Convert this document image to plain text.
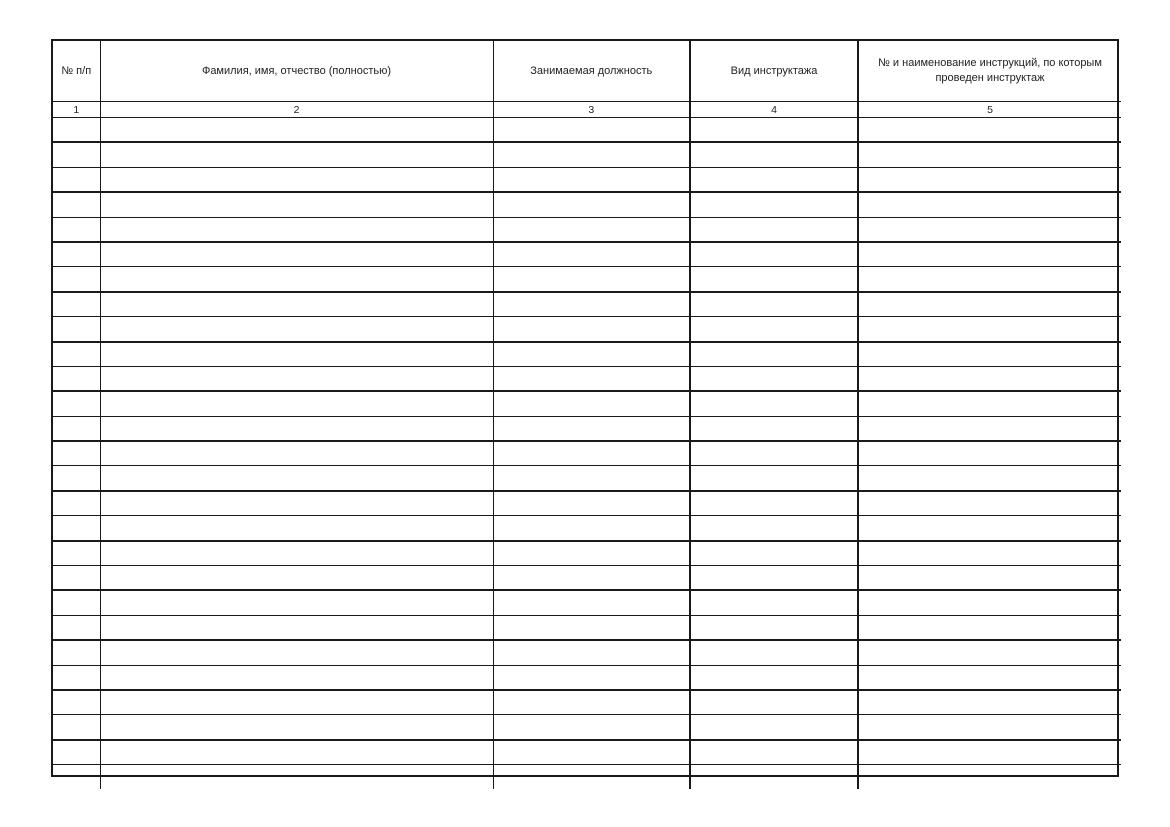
№ п/п	Фамилия, имя, отчество (полностью)	Занимаемая должность	Вид инструктажа	№ и наименование инструкций, по которым проведен инструктаж

1	2	3	4	5
